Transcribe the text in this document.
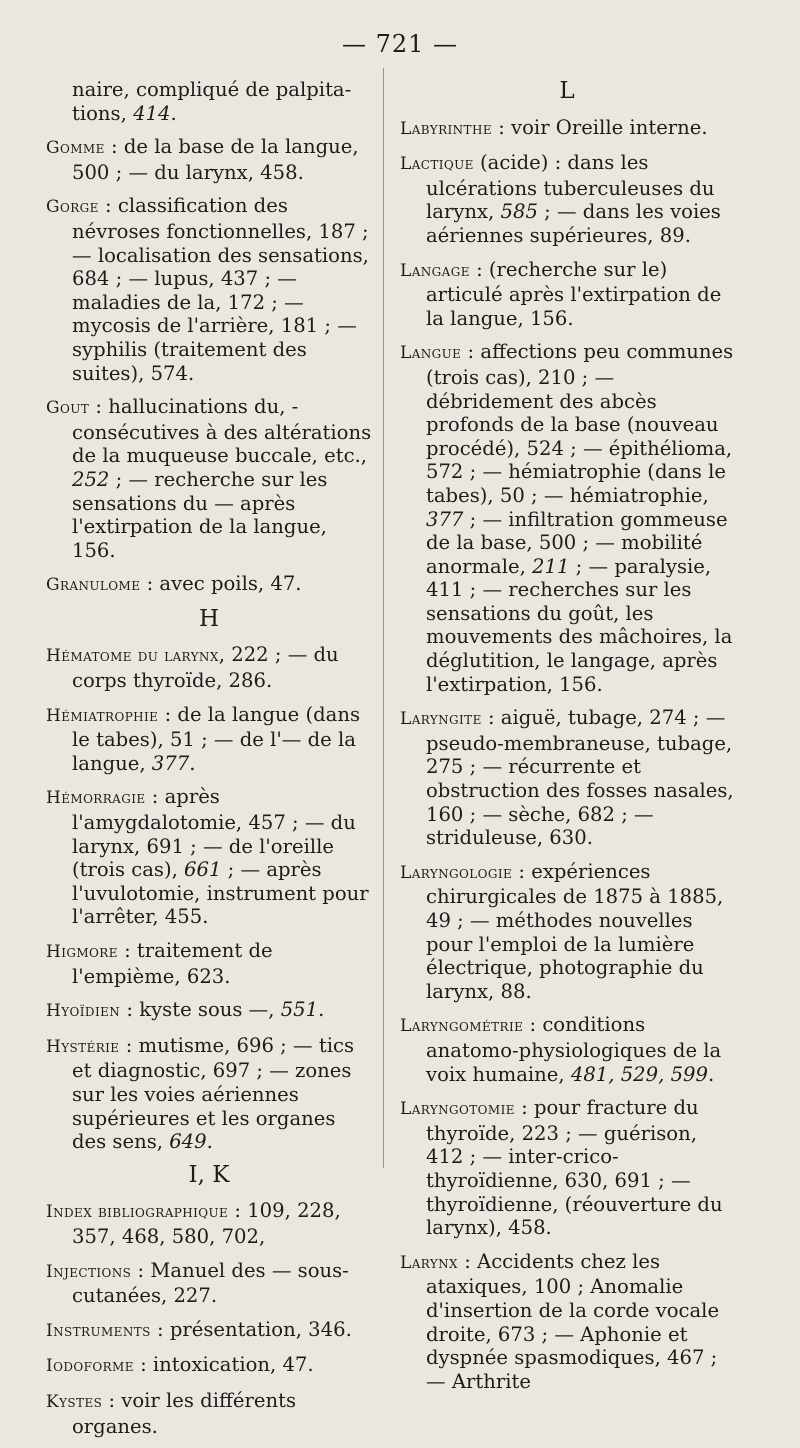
— 721 —

naire, compliqué de palpita-tions, 414.

Gomme : de la base de la langue, 500 ; — du larynx, 458.

Gorge : classification des névroses fonctionnelles, 187 ; — localisation des sensations, 684 ; — lupus, 437 ; — maladies de la, 172 ; — mycosis de l'arrière, 181 ; — syphilis (traitement des suites), 574.

Gout : hallucinations du, - consécutives à des altérations de la muqueuse buccale, etc., 252 ; — recherche sur les sensations du — après l'extirpation de la langue, 156.

Granulome : avec poils, 47.

H

Hématome du larynx, 222 ; — du corps thyroïde, 286.

Hémiatrophie : de la langue (dans le tabes), 51 ; — de l'— de la langue, 377.

Hémorragie : après l'amygdalotomie, 457 ; — du larynx, 691 ; — de l'oreille (trois cas), 661 ; — après l'uvulotomie, instrument pour l'arrêter, 455.

Higmore : traitement de l'empième, 623.

Hyoïdien : kyste sous —, 551.

Hystérie : mutisme, 696 ; — tics et diagnostic, 697 ; — zones sur les voies aériennes supérieures et les organes des sens, 649.

I, K

Index bibliographique : 109, 228, 357, 468, 580, 702,

Injections : Manuel des — sous-cutanées, 227.

Instruments : présentation, 346.

Iodoforme : intoxication, 47.

Kystes : voir les différents organes.

L

Labyrinthe : voir Oreille interne.

Lactique (acide) : dans les ulcérations tuberculeuses du larynx, 585 ; — dans les voies aériennes supérieures, 89.

Langage : (recherche sur le) articulé après l'extirpation de la langue, 156.

Langue : affections peu communes (trois cas), 210 ; — débridement des abcès profonds de la base (nouveau procédé), 524 ; — épithélioma, 572 ; — hémiatrophie (dans le tabes), 50 ; — hémiatrophie, 377 ; — infiltration gommeuse de la base, 500 ; — mobilité anormale, 211 ; — paralysie, 411 ; — recherches sur les sensations du goût, les mouvements des mâchoires, la déglutition, le langage, après l'extirpation, 156.

Laryngite : aiguë, tubage, 274 ; — pseudo-membraneuse, tubage, 275 ; — récurrente et obstruction des fosses nasales, 160 ; — sèche, 682 ; — striduleuse, 630.

Laryngologie : expériences chirurgicales de 1875 à 1885, 49 ; — méthodes nouvelles pour l'emploi de la lumière électrique, photographie du larynx, 88.

Laryngométrie : conditions anatomo-physiologiques de la voix humaine, 481, 529, 599.

Laryngotomie : pour fracture du thyroïde, 223 ; — guérison, 412 ; — inter-crico-thyroïdienne, 630, 691 ; — thyroïdienne, (réouverture du larynx), 458.

Larynx : Accidents chez les ataxiques, 100 ; Anomalie d'insertion de la corde vocale droite, 673 ; — Aphonie et dyspnée spasmodiques, 467 ; — Arthrite
